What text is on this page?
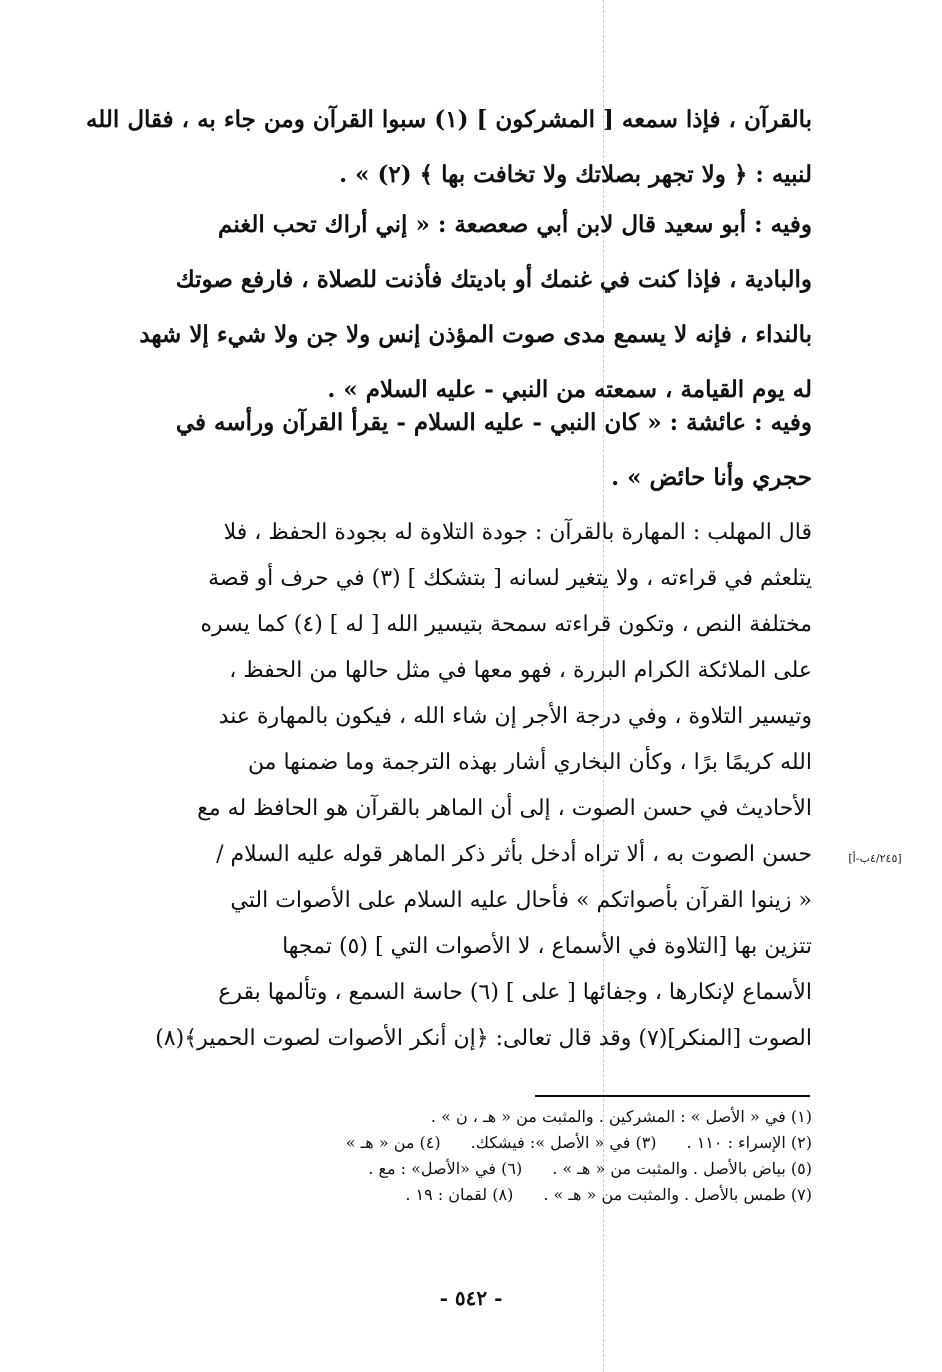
بالقرآن ، فإذا سمعه [ المشركون ] (١) سبوا القرآن ومن جاء به ، فقال الله
لنبيه : ﴿ ولا تجهر بصلاتك ولا تخافت بها ﴾ (٢) » .
وفيه : أبو سعيد قال لابن أبي صعصعة : « إني أراك تحب الغنم
والبادية ، فإذا كنت في غنمك أو باديتك فأذنت للصلاة ، فارفع صوتك
بالنداء ، فإنه لا يسمع مدى صوت المؤذن إنس ولا جن ولا شيء إلا شهد
له يوم القيامة ، سمعته من النبي - عليه السلام » .
وفيه : عائشة : « كان النبي - عليه السلام - يقرأ القرآن ورأسه في
حجري وأنا حائض » .
قال المهلب : المهارة بالقرآن : جودة التلاوة له بجودة الحفظ ، فلا
يتلعثم في قراءته ، ولا يتغير لسانه [ بتشكك ] (٣) في حرف أو قصة
مختلفة النص ، وتكون قراءته سمحة بتيسير الله [ له ] (٤) كما يسره
على الملائكة الكرام البررة ، فهو معها في مثل حالها من الحفظ ،
وتيسير التلاوة ، وفي درجة الأجر إن شاء الله ، فيكون بالمهارة عند
الله كريمًا برًا ، وكأن البخاري أشار بهذه الترجمة وما ضمنها من
الأحاديث في حسن الصوت ، إلى أن الماهر بالقرآن هو الحافظ له مع
حسن الصوت به ، ألا تراه أدخل بأثر ذكر الماهر قوله عليه السلام /
« زينوا القرآن بأصواتكم » فأحال عليه السلام على الأصوات التي
تتزين بها [التلاوة في الأسماع ، لا الأصوات التي ] (٥) تمجها
الأسماع لإنكارها ، وجفائها [ على ] (٦) حاسة السمع ، وتألمها بقرع
الصوت [المنكر](٧) وقد قال تعالى: ﴿إن أنكر الأصوات لصوت الحمير﴾(٨)
[٤/٢٤٥ب-أ]
(١) في « الأصل » : المشركين . والمثبت من « هـ ، ن » .
(٢) الإسراء : ١١٠ .
(٣) في « الأصل »: فيشكك.
(٤) من « هـ »
(٥) بياض بالأصل . والمثبت من « هـ » .
(٦) في «الأصل» : مع .
(٧) طمس بالأصل . والمثبت من « هـ » .
(٨) لقمان : ١٩ .
- ٥٤٢ -
